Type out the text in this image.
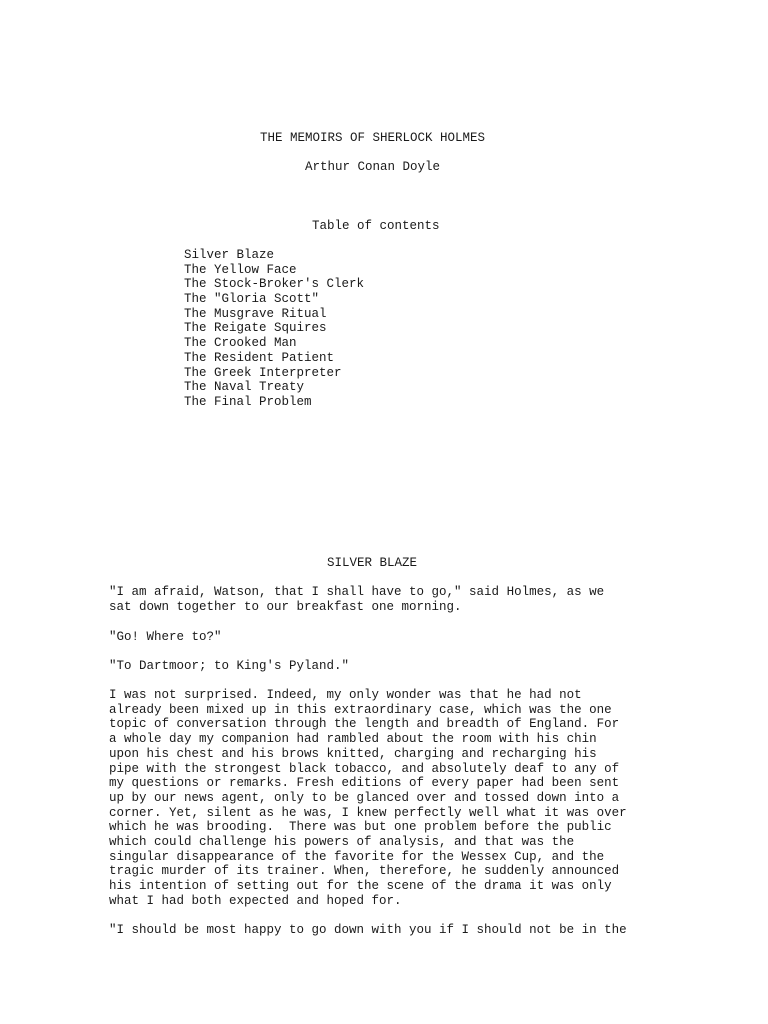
THE MEMOIRS OF SHERLOCK HOLMES
Arthur Conan Doyle
Table of contents
Silver Blaze
The Yellow Face
The Stock-Broker's Clerk
The "Gloria Scott"
The Musgrave Ritual
The Reigate Squires
The Crooked Man
The Resident Patient
The Greek Interpreter
The Naval Treaty
The Final Problem
SILVER BLAZE

"I am afraid, Watson, that I shall have to go," said Holmes, as we
sat down together to our breakfast one morning.

"Go! Where to?"

"To Dartmoor; to King's Pyland."

I was not surprised. Indeed, my only wonder was that he had not
already been mixed up in this extraordinary case, which was the one
topic of conversation through the length and breadth of England. For
a whole day my companion had rambled about the room with his chin
upon his chest and his brows knitted, charging and recharging his
pipe with the strongest black tobacco, and absolutely deaf to any of
my questions or remarks. Fresh editions of every paper had been sent
up by our news agent, only to be glanced over and tossed down into a
corner. Yet, silent as he was, I knew perfectly well what it was over
which he was brooding.  There was but one problem before the public
which could challenge his powers of analysis, and that was the
singular disappearance of the favorite for the Wessex Cup, and the
tragic murder of its trainer. When, therefore, he suddenly announced
his intention of setting out for the scene of the drama it was only
what I had both expected and hoped for.

"I should be most happy to go down with you if I should not be in the
